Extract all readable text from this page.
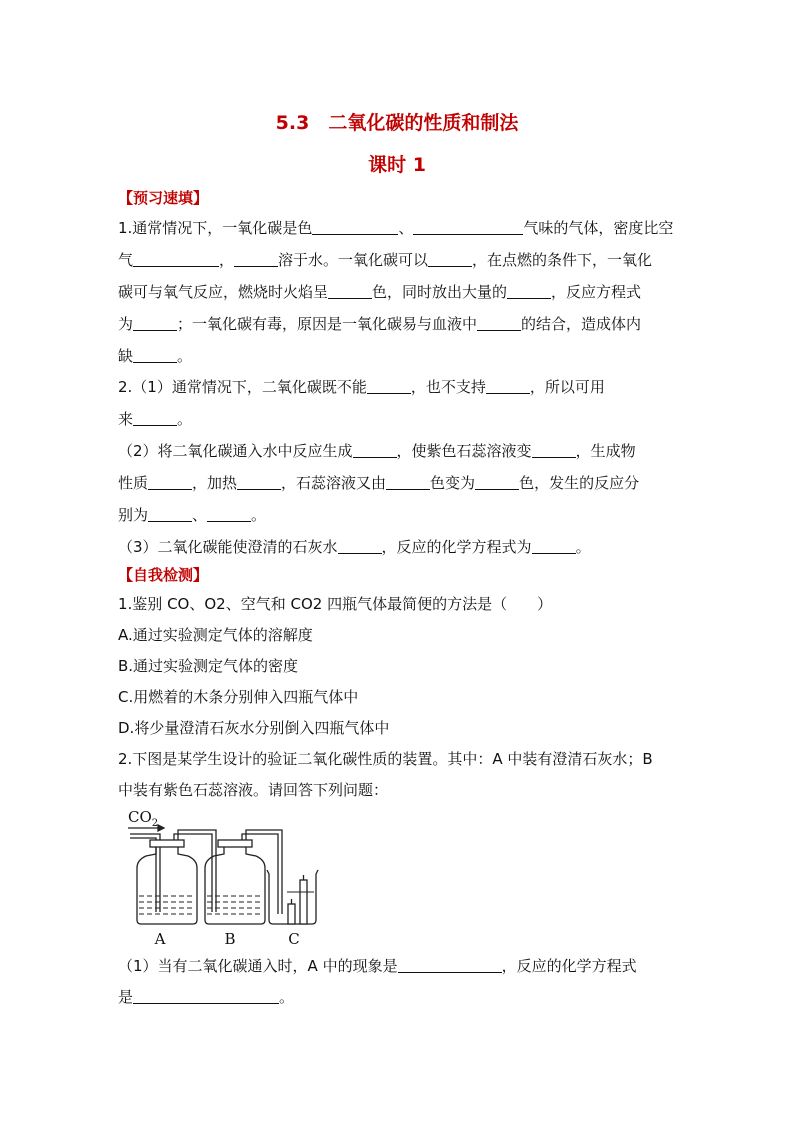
5.3　二氧化碳的性质和制法
课时 1
【预习速填】
1.通常情况下，一氧化碳是色	、	气味的气体，密度比空
气	，	溶于水。一氧化碳可以	，在点燃的条件下，一氧化
碳可与氧气反应，燃烧时火焰呈	色，同时放出大量的	，反应方程式
为	；一氧化碳有毒，原因是一氧化碳易与血液中	的结合，造成体内
缺	。
2.（1）通常情况下，二氧化碳既不能	，也不支持	，所以可用
来	。
（2）将二氧化碳通入水中反应生成	，使紫色石蕊溶液变	，生成物
性质	，加热	，石蕊溶液又由	色变为	色，发生的反应分
别为	、	。
（3）二氧化碳能使澄清的石灰水	，反应的化学方程式为	。
【自我检测】
1.鉴别 CO、O2、空气和 CO2 四瓶气体最简便的方法是（　　）
A.通过实验测定气体的溶解度
B.通过实验测定气体的密度
C.用燃着的木条分别伸入四瓶气体中
D.将少量澄清石灰水分别倒入四瓶气体中
2.下图是某学生设计的验证二氧化碳性质的装置。其中：A 中装有澄清石灰水；B
中装有紫色石蕊溶液。请回答下列问题：
$CO_2$
A	B	C
（1）当有二氧化碳通入时，A 中的现象是	，反应的化学方程式
是	。
